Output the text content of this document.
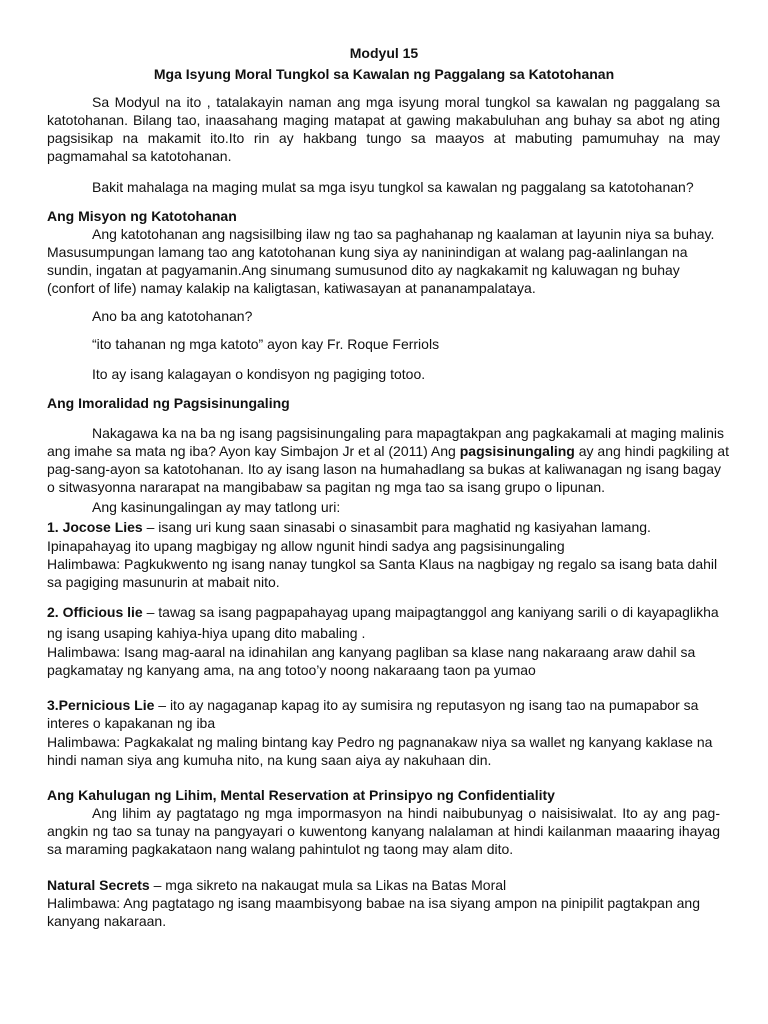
Modyul 15
Mga Isyung Moral Tungkol sa Kawalan ng Paggalang sa Katotohanan
Sa Modyul na ito , tatalakayin naman ang mga isyung moral tungkol sa kawalan ng paggalang sa
katotohanan. Bilang tao, inaasahang maging matapat at gawing makabuluhan ang buhay sa abot ng ating
pagsisikap na makamit ito.Ito rin ay hakbang tungo sa maayos at mabuting pamumuhay na may
pagmamahal sa katotohanan.
Bakit mahalaga na maging mulat sa mga isyu tungkol sa kawalan ng paggalang sa katotohanan?
Ang Misyon ng Katotohanan
Ang katotohanan ang nagsisilbing ilaw ng tao sa paghahanap ng kaalaman at layunin niya sa buhay.
Masusumpungan lamang tao ang katotohanan kung siya ay naninindigan at walang pag-aalinlangan na
sundin, ingatan at pagyamanin.Ang sinumang sumusunod dito ay nagkakamit ng kaluwagan ng buhay
(confort of life) namay kalakip na kaligtasan, katiwasayan at pananampalataya.
Ano ba ang katotohanan?
“ito tahanan ng mga katoto” ayon kay Fr. Roque Ferriols
Ito ay isang kalagayan o kondisyon ng pagiging totoo.
Ang Imoralidad ng Pagsisinungaling
Nakagawa ka na ba ng isang pagsisinungaling para mapagtakpan ang pagkakamali at maging malinis
ang imahe sa mata ng iba? Ayon kay Simbajon Jr et al (2011) Ang pagsisinungaling ay ang hindi pagkiling at
pag-sang-ayon sa katotohanan. Ito ay isang lason na humahadlang sa bukas at kaliwanagan ng isang bagay
o sitwasyonna nararapat na mangibabaw sa pagitan ng mga tao sa isang grupo o lipunan.
Ang kasinungalingan ay may tatlong uri:
1. Jocose Lies – isang uri kung saan sinasabi o sinasambit para maghatid ng kasiyahan lamang.
Ipinapahayag ito upang magbigay ng allow ngunit hindi sadya ang pagsisinungaling
Halimbawa: Pagkukwento ng isang nanay tungkol sa Santa Klaus na nagbigay ng regalo sa isang bata dahil
sa pagiging masunurin at mabait nito.
2. Officious lie – tawag sa isang pagpapahayag upang maipagtanggol ang kaniyang sarili o di kayapaglikha
ng isang usaping kahiya-hiya upang dito mabaling .
Halimbawa: Isang mag-aaral na idinahilan ang kanyang pagliban sa klase nang nakaraang araw dahil sa
pagkamatay ng kanyang ama, na ang totoo’y noong nakaraang taon pa yumao
3.Pernicious Lie – ito ay nagaganap kapag ito ay sumisira ng reputasyon ng isang tao na pumapabor sa
interes o kapakanan ng iba
Halimbawa: Pagkakalat ng maling bintang kay Pedro ng pagnanakaw niya sa wallet ng kanyang kaklase na
hindi naman siya ang kumuha nito, na kung saan aiya ay nakuhaan din.
Ang Kahulugan ng Lihim, Mental Reservation at Prinsipyo ng Confidentiality
Ang lihim ay pagtatago ng mga impormasyon na hindi naibubunyag o naisisiwalat. Ito ay ang pag-
angkin ng tao sa tunay na pangyayari o kuwentong kanyang nalalaman at hindi kailanman maaaring ihayag
sa maraming pagkakataon nang walang pahintulot ng taong may alam dito.
Natural Secrets – mga sikreto na nakaugat mula sa Likas na Batas Moral
Halimbawa: Ang pagtatago ng isang maambisyong babae na isa siyang ampon na pinipilit pagtakpan ang
kanyang nakaraan.
